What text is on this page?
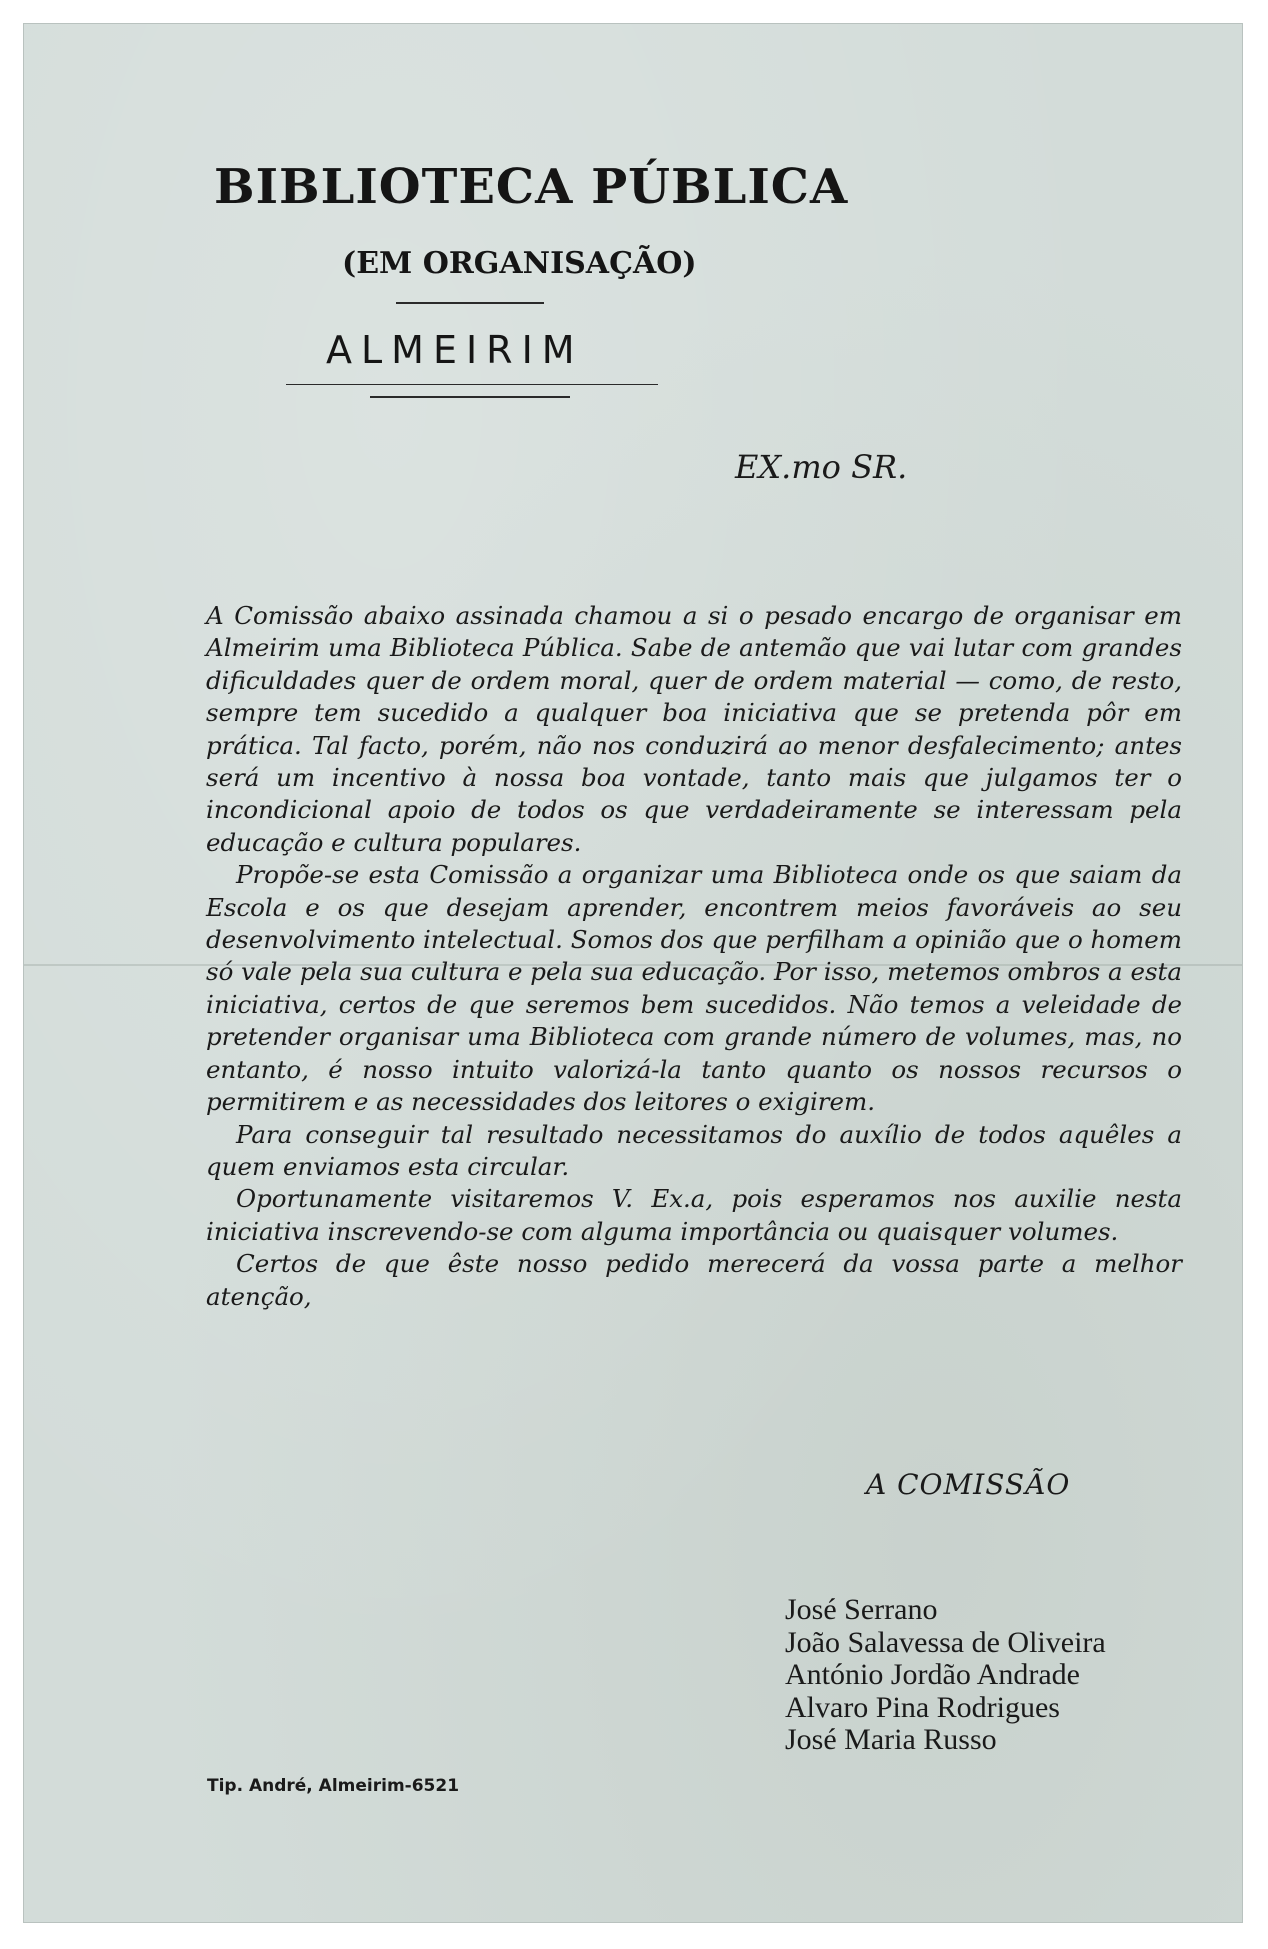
BIBLIOTECA PÚBLICA
(EM ORGANISAÇÃO)
ALMEIRIM
EX.mo SR.

A Comissão abaixo assinada chamou a si o pesado encargo de organisar em Almeirim uma Biblioteca Pública. Sabe de antemão que vai lutar com grandes dificuldades quer de ordem moral, quer de ordem material — como, de resto, sempre tem sucedido a qualquer boa iniciativa que se pretenda pôr em prática. Tal facto, porém, não nos conduzirá ao menor desfalecimento; antes será um incentivo à nossa boa vontade, tanto mais que julgamos ter o incondicional apoio de todos os que verdadeiramente se interessam pela educação e cultura populares.

Propõe-se esta Comissão a organizar uma Biblioteca onde os que saiam da Escola e os que desejam aprender, encontrem meios favoráveis ao seu desenvolvimento intelectual. Somos dos que perfilham a opinião que o homem só vale pela sua cultura e pela sua educação. Por isso, metemos ombros a esta iniciativa, certos de que seremos bem sucedidos. Não temos a veleidade de pretender organisar uma Biblioteca com grande número de volumes, mas, no entanto, é nosso intuito valorizá-la tanto quanto os nossos recursos o permitirem e as necessidades dos leitores o exigirem.

Para conseguir tal resultado necessitamos do auxílio de todos aquêles a quem enviamos esta circular.

Oportunamente visitaremos V. Ex.a, pois esperamos nos auxilie nesta iniciativa inscrevendo-se com alguma importância ou quaisquer volumes.

Certos de que êste nosso pedido merecerá da vossa parte a melhor atenção,

A COMISSÃO
José Serrano
João Salavessa de Oliveira
António Jordão Andrade
Alvaro Pina Rodrigues
José Maria Russo
Tip. André, Almeirim-6521
